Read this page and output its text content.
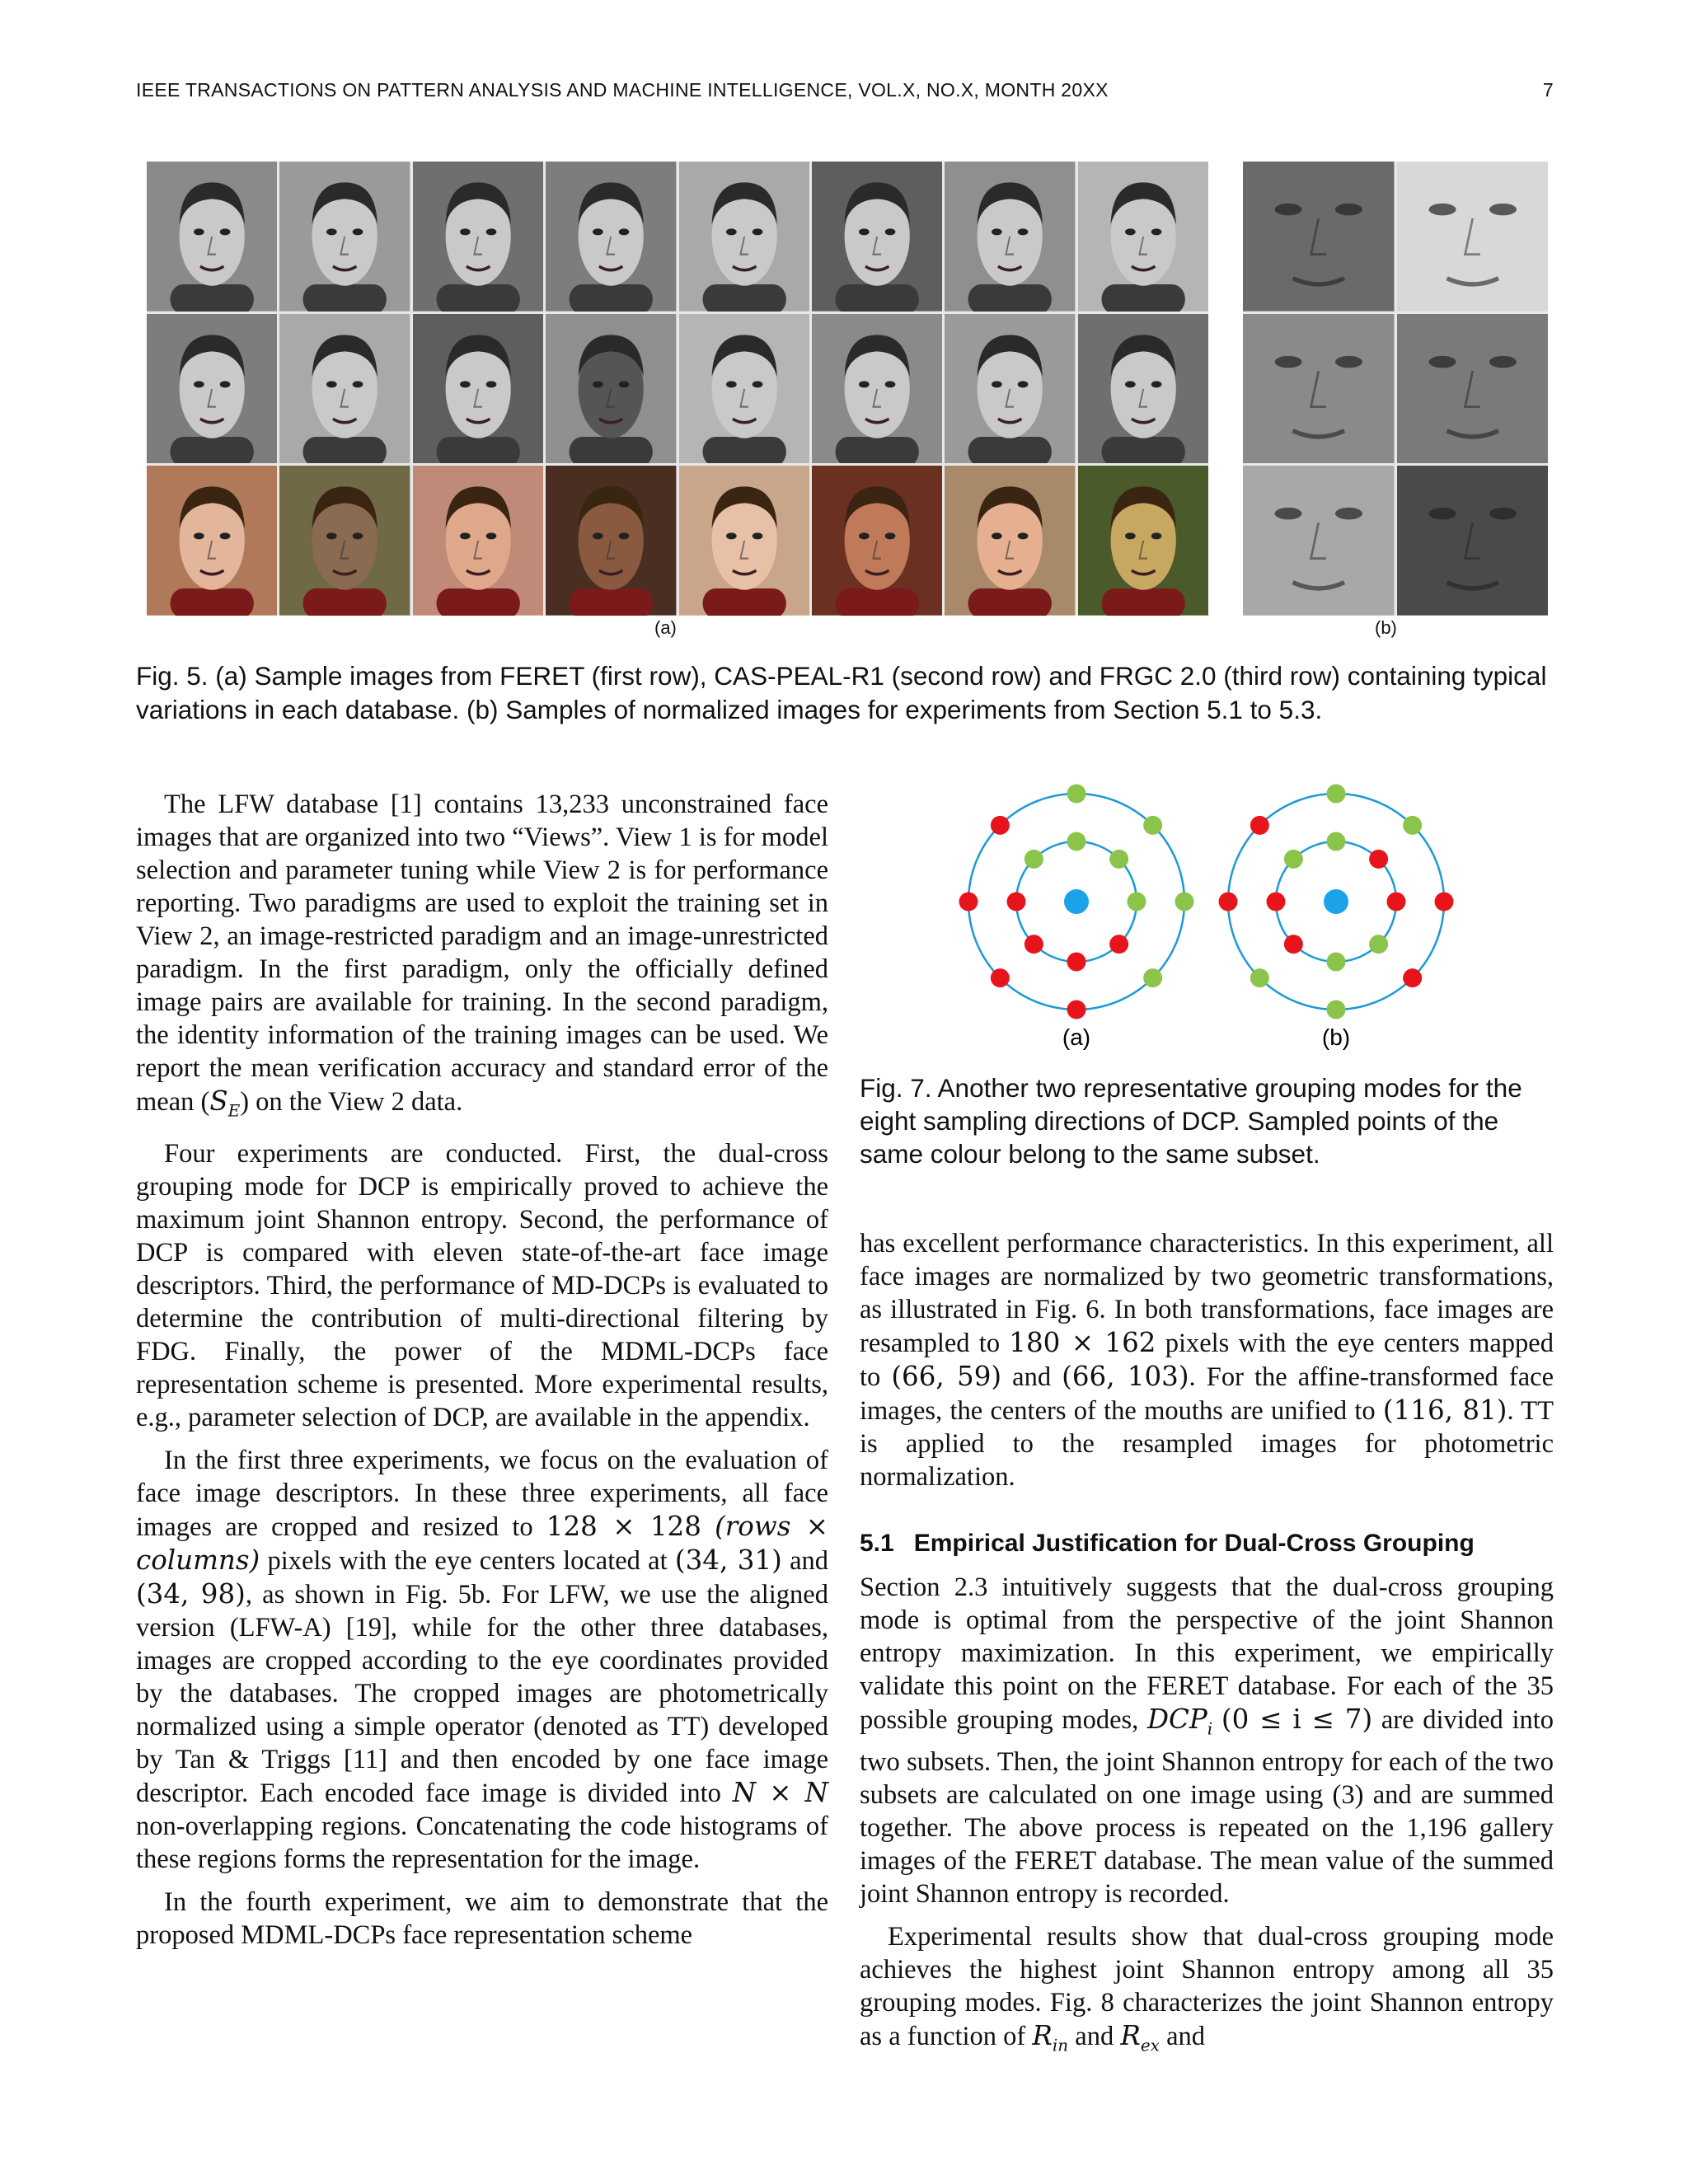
IEEE TRANSACTIONS ON PATTERN ANALYSIS AND MACHINE INTELLIGENCE, VOL.X, NO.X, MONTH 20XX	7
(a)	(b)
Fig. 5. (a) Sample images from FERET (first row), CAS-PEAL-R1 (second row) and FRGC 2.0 (third row) containing typical variations in each database. (b) Samples of normalized images for experiments from Section 5.1 to 5.3.

The LFW database [1] contains 13,233 unconstrained face images that are organized into two “Views”. View 1 is for model selection and parameter tuning while View 2 is for performance reporting. Two paradigms are used to exploit the training set in View 2, an image-restricted paradigm and an image-unrestricted paradigm. In the first paradigm, only the officially defined image pairs are available for training. In the second paradigm, the identity information of the training images can be used. We report the mean verification accuracy and standard error of the mean $(S_E)$ on the View 2 data.

Four experiments are conducted. First, the dual-cross grouping mode for DCP is empirically proved to achieve the maximum joint Shannon entropy. Second, the performance of DCP is compared with eleven state-of-the-art face image descriptors. Third, the performance of MD-DCPs is evaluated to determine the contribution of multi-directional filtering by FDG. Finally, the power of the MDML-DCPs face representation scheme is presented. More experimental results, e.g., parameter selection of DCP, are available in the appendix.

In the first three experiments, we focus on the evaluation of face image descriptors. In these three experiments, all face images are cropped and resized to 128 × 128 (rows × columns) pixels with the eye centers located at (34, 31) and (34, 98), as shown in Fig. 5b. For LFW, we use the aligned version (LFW-A) [19], while for the other three databases, images are cropped according to the eye coordinates provided by the databases. The cropped images are photometrically normalized using a simple operator (denoted as TT) developed by Tan & Triggs [11] and then encoded by one face image descriptor. Each encoded face image is divided into N × N non-overlapping regions. Concatenating the code histograms of these regions forms the representation for the image.

In the fourth experiment, we aim to demonstrate that the proposed MDML-DCPs face representation scheme

(a)	(b)
Fig. 7. Another two representative grouping modes for the eight sampling directions of DCP. Sampled points of the same colour belong to the same subset.

has excellent performance characteristics. In this experiment, all face images are normalized by two geometric transformations, as illustrated in Fig. 6. In both transformations, face images are resampled to 180 × 162 pixels with the eye centers mapped to (66, 59) and (66, 103). For the affine-transformed face images, the centers of the mouths are unified to (116, 81). TT is applied to the resampled images for photometric normalization.

5.1 Empirical Justification for Dual-Cross Grouping

Section 2.3 intuitively suggests that the dual-cross grouping mode is optimal from the perspective of the joint Shannon entropy maximization. In this experiment, we empirically validate this point on the FERET database. For each of the 35 possible grouping modes, $DCP_i$ (0 ≤ i ≤ 7) are divided into two subsets. Then, the joint Shannon entropy for each of the two subsets are calculated on one image using (3) and are summed together. The above process is repeated on the 1,196 gallery images of the FERET database. The mean value of the summed joint Shannon entropy is recorded.

Experimental results show that dual-cross grouping mode achieves the highest joint Shannon entropy among all 35 grouping modes. Fig. 8 characterizes the joint Shannon entropy as a function of $R_{in}$ and $R_{ex}$ and
